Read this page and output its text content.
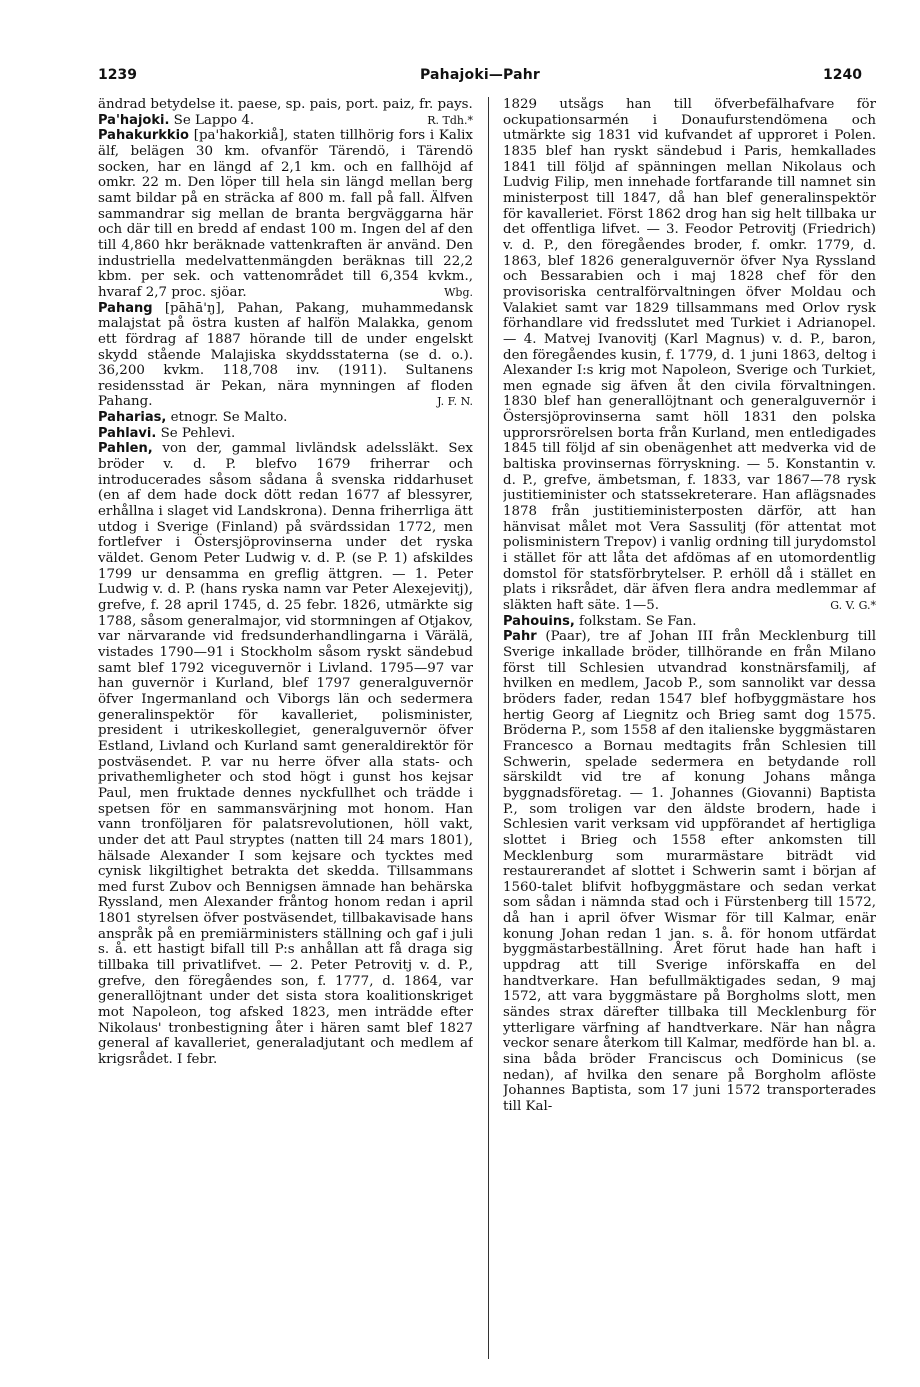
1239	Pahajoki—Pahr	1240

ändrad betydelse it. paese, sp. pais, port. paiz, fr. pays.
R. Tdh.*

Pa'hajoki. Se Lappo 4.

Pahakurkkio [pa'hakorkiå], staten tillhörig fors i Kalix älf, belägen 30 km. ofvanför Tärendö, i Tärendö socken, har en längd af 2,1 km. och en fallhöjd af omkr. 22 m. Den löper till hela sin längd mellan berg samt bildar på en sträcka af 800 m. fall på fall. Älfven sammandrar sig mellan de branta bergväggarna här och där till en bredd af endast 100 m. Ingen del af den till 4,860 hkr beräknade vattenkraften är använd. Den industriella medelvattenmängden beräknas till 22,2 kbm. per sek. och vattenområdet till 6,354 kvkm., hvaraf 2,7 proc. sjöar.	Wbg.

Pahang [pāhā'ŋ], Pahan, Pakang, muhammedansk malajstat på östra kusten af halfön Malakka, genom ett fördrag af 1887 hörande till de under engelskt skydd stående Malajiska skyddsstaterna (se d. o.). 36,200 kvkm. 118,708 inv. (1911). Sultanens residensstad är Pekan, nära mynningen af floden Pahang.	J. F. N.

Paharias, etnogr. Se Malto.

Pahlavi. Se Pehlevi.

Pahlen, von der, gammal livländsk adelssläkt. Sex bröder v. d. P. blefvo 1679 friherrar och introducerades såsom sådana å svenska riddarhuset (en af dem hade dock dött redan 1677 af blessyrer, erhållna i slaget vid Landskrona). Denna friherrliga ätt utdog i Sverige (Finland) på svärdssidan 1772, men fortlefver i Östersjöprovinserna under det ryska väldet. Genom Peter Ludwig v. d. P. (se P. 1) afskildes 1799 ur densamma en greflig ättgren. — 1. Peter Ludwig v. d. P. (hans ryska namn var Peter Alexejevitj), grefve, f. 28 april 1745, d. 25 febr. 1826, utmärkte sig 1788, såsom generalmajor, vid stormningen af Otjakov, var närvarande vid fredsunderhandlingarna i Värälä, vistades 1790—91 i Stockholm såsom ryskt sändebud samt blef 1792 viceguvernör i Livland. 1795—97 var han guvernör i Kurland, blef 1797 generalguvernör öfver Ingermanland och Viborgs län och sedermera generalinspektör för kavalleriet, polisminister, president i utrikeskollegiet, generalguvernör öfver Estland, Livland och Kurland samt generaldirektör för postväsendet. P. var nu herre öfver alla stats- och privathemligheter och stod högt i gunst hos kejsar Paul, men fruktade dennes nyckfullhet och trädde i spetsen för en sammansvärjning mot honom. Han vann tronföljaren för palatsrevolutionen, höll vakt, under det att Paul stryptes (natten till 24 mars 1801), hälsade Alexander I som kejsare och tycktes med cynisk likgiltighet betrakta det skedda. Tillsammans med furst Zubov och Bennigsen ämnade han behärska Ryssland, men Alexander fråntog honom redan i april 1801 styrelsen öfver postväsendet, tillbakavisade hans anspråk på en premiärministers ställning och gaf i juli s. å. ett hastigt bifall till P:s anhållan att få draga sig tillbaka till privatlifvet. — 2. Peter Petrovitj v. d. P., grefve, den föregåendes son, f. 1777, d. 1864, var generallöjtnant under det sista stora koalitionskriget mot Napoleon, tog afsked 1823, men inträdde efter Nikolaus' tronbestigning åter i hären samt blef 1827 general af kavalleriet, generaladjutant och medlem af krigsrådet. I febr.

1829 utsågs han till öfverbefälhafvare för ockupationsarmén i Donaufurstendömena och utmärkte sig 1831 vid kufvandet af upproret i Polen. 1835 blef han ryskt sändebud i Paris, hemkallades 1841 till följd af spänningen mellan Nikolaus och Ludvig Filip, men innehade fortfarande till namnet sin ministerpost till 1847, då han blef generalinspektör för kavalleriet. Först 1862 drog han sig helt tillbaka ur det offentliga lifvet. — 3. Feodor Petrovitj (Friedrich) v. d. P., den föregåendes broder, f. omkr. 1779, d. 1863, blef 1826 generalguvernör öfver Nya Ryssland och Bessarabien och i maj 1828 chef för den provisoriska centralförvaltningen öfver Moldau och Valakiet samt var 1829 tillsammans med Orlov rysk förhandlare vid fredsslutet med Turkiet i Adrianopel. — 4. Matvej Ivanovitj (Karl Magnus) v. d. P., baron, den föregåendes kusin, f. 1779, d. 1 juni 1863, deltog i Alexander I:s krig mot Napoleon, Sverige och Turkiet, men egnade sig äfven åt den civila förvaltningen. 1830 blef han generallöjtnant och generalguvernör i Östersjöprovinserna samt höll 1831 den polska upprorsrörelsen borta från Kurland, men entledigades 1845 till följd af sin obenägenhet att medverka vid de baltiska provinsernas förryskning. — 5. Konstantin v. d. P., grefve, ämbetsman, f. 1833, var 1867—78 rysk justitieminister och statssekreterare. Han aflägsnades 1878 från justitieministerposten därför, att han hänvisat målet mot Vera Sassulitj (för attentat mot polisministern Trepov) i vanlig ordning till jurydomstol i stället för att låta det afdömas af en utomordentlig domstol för statsförbrytelser. P. erhöll då i stället en plats i riksrådet, där äfven flera andra medlemmar af släkten haft säte. 1—5.	G. V. G.*

Pahouins, folkstam. Se Fan.

Pahr (Paar), tre af Johan III från Mecklenburg till Sverige inkallade bröder, tillhörande en från Milano först till Schlesien utvandrad konstnärsfamilj, af hvilken en medlem, Jacob P., som sannolikt var dessa bröders fader, redan 1547 blef hofbyggmästare hos hertig Georg af Liegnitz och Brieg samt dog 1575. Bröderna P., som 1558 af den italienske byggmästaren Francesco a Bornau medtagits från Schlesien till Schwerin, spelade sedermera en betydande roll särskildt vid tre af konung Johans många byggnadsföretag. — 1. Johannes (Giovanni) Baptista P., som troligen var den äldste brodern, hade i Schlesien varit verksam vid uppförandet af hertigliga slottet i Brieg och 1558 efter ankomsten till Mecklenburg som murarmästare biträdt vid restaurerandet af slottet i Schwerin samt i början af 1560-talet blifvit hofbyggmästare och sedan verkat som sådan i nämnda stad och i Fürstenberg till 1572, då han i april öfver Wismar för till Kalmar, enär konung Johan redan 1 jan. s. å. för honom utfärdat byggmästarbeställning. Året förut hade han haft i uppdrag att till Sverige införskaffa en del handtverkare. Han befullmäktigades sedan, 9 maj 1572, att vara byggmästare på Borgholms slott, men sändes strax därefter tillbaka till Mecklenburg för ytterligare värfning af handtverkare. När han några veckor senare återkom till Kalmar, medförde han bl. a. sina båda bröder Franciscus och Dominicus (se nedan), af hvilka den senare på Borgholm aflöste Johannes Baptista, som 17 juni 1572 transporterades till Kal-
